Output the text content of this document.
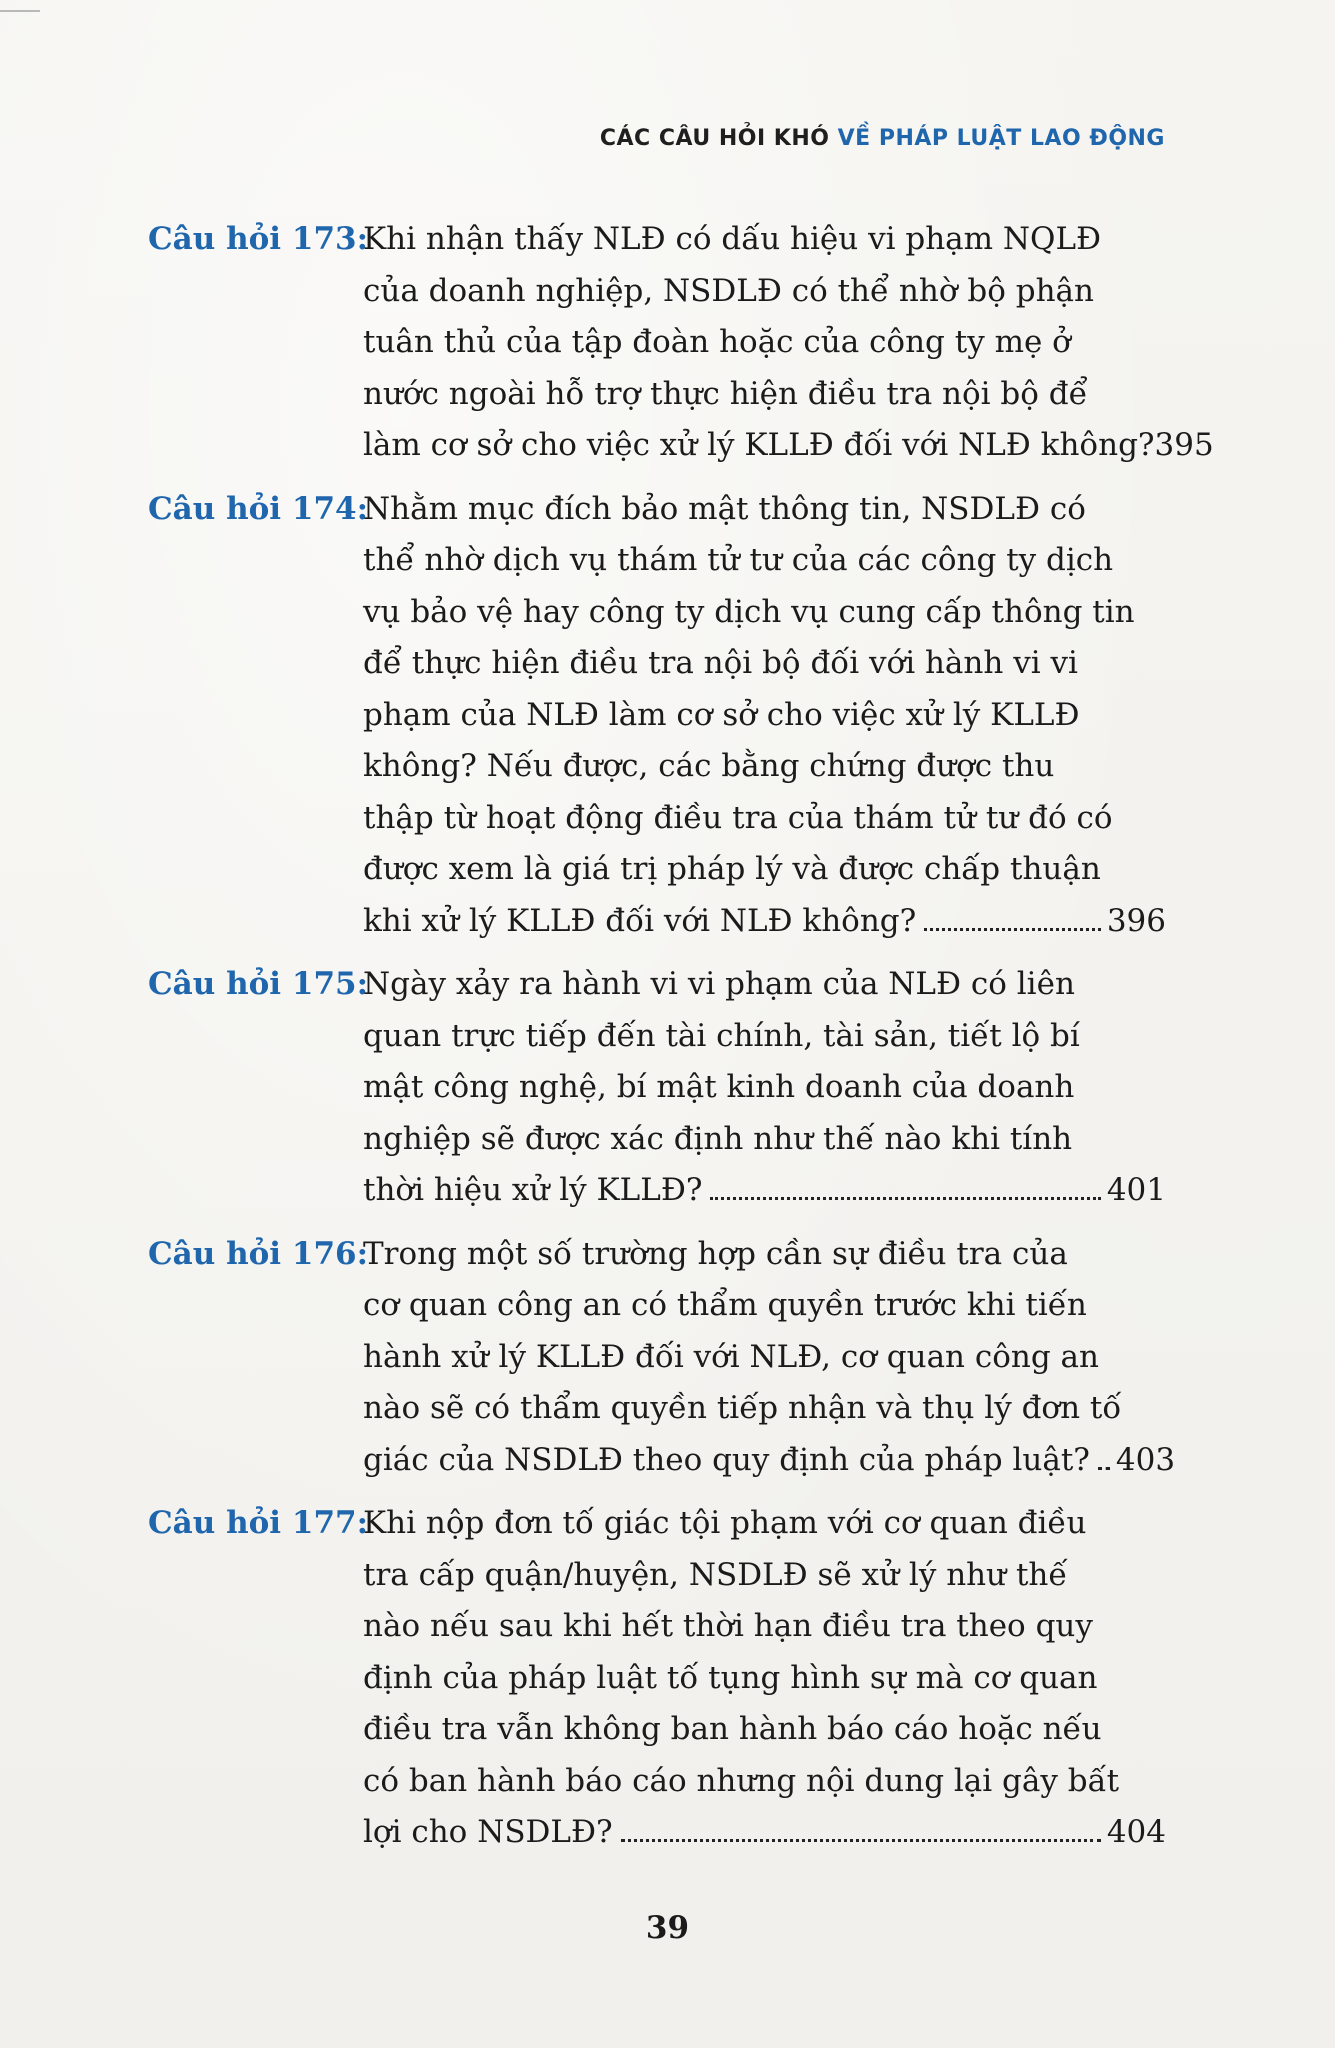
CÁC CÂU HỎI KHÓ VỀ PHÁP LUẬT LAO ĐỘNG
Câu hỏi 173:
Khi nhận thấy NLĐ có dấu hiệu vi phạm NQLĐ
của doanh nghiệp, NSDLĐ có thể nhờ bộ phận
tuân thủ của tập đoàn hoặc của công ty mẹ ở
nước ngoài hỗ trợ thực hiện điều tra nội bộ để
làm cơ sở cho việc xử lý KLLĐ đối với NLĐ không? 395
Câu hỏi 174:
Nhằm mục đích bảo mật thông tin, NSDLĐ có
thể nhờ dịch vụ thám tử tư của các công ty dịch
vụ bảo vệ hay công ty dịch vụ cung cấp thông tin
để thực hiện điều tra nội bộ đối với hành vi vi
phạm của NLĐ làm cơ sở cho việc xử lý KLLĐ
không? Nếu được, các bằng chứng được thu
thập từ hoạt động điều tra của thám tử tư đó có
được xem là giá trị pháp lý và được chấp thuận
khi xử lý KLLĐ đối với NLĐ không?	396
Câu hỏi 175:
Ngày xảy ra hành vi vi phạm của NLĐ có liên
quan trực tiếp đến tài chính, tài sản, tiết lộ bí
mật công nghệ, bí mật kinh doanh của doanh
nghiệp sẽ được xác định như thế nào khi tính
thời hiệu xử lý KLLĐ?	401
Câu hỏi 176:
Trong một số trường hợp cần sự điều tra của
cơ quan công an có thẩm quyền trước khi tiến
hành xử lý KLLĐ đối với NLĐ, cơ quan công an
nào sẽ có thẩm quyền tiếp nhận và thụ lý đơn tố
giác của NSDLĐ theo quy định của pháp luật? 403
Câu hỏi 177:
Khi nộp đơn tố giác tội phạm với cơ quan điều
tra cấp quận/huyện, NSDLĐ sẽ xử lý như thế
nào nếu sau khi hết thời hạn điều tra theo quy
định của pháp luật tố tụng hình sự mà cơ quan
điều tra vẫn không ban hành báo cáo hoặc nếu
có ban hành báo cáo nhưng nội dung lại gây bất
lợi cho NSDLĐ?	404
39
